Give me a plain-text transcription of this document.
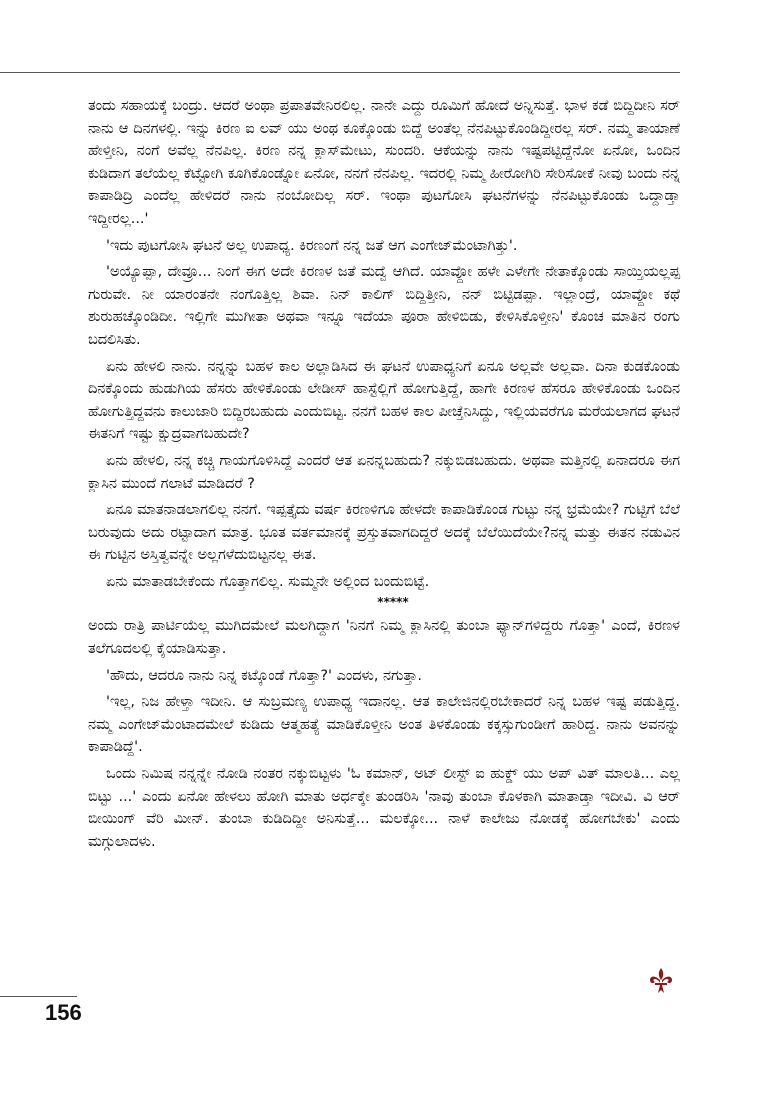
ತಂದು ಸಹಾಯಕ್ಕೆ ಬಂದ್ರು. ಆದರೆ ಅಂಥಾ ಪ್ರಪಾತವೇನಿರಲಿಲ್ಲ. ನಾನೇ ಎದ್ದು ರೂಮಿಗೆ ಹೋದೆ ಅನ್ನಿಸುತ್ತೆ. ಭಾಳ ಕಡೆ ಬಿದ್ದಿದೀನಿ ಸರ್ ನಾನು ಆ ದಿನಗಳಲ್ಲಿ. ಇನ್ನು ಕಿರಣ ಐ ಲವ್ ಯು ಅಂಥ ಕೂಕ್ಕೊಂಡು ಬಿದ್ದೆ ಅಂತೆಲ್ಲ ನೆನಪಿಟ್ಟುಕೊಂಡಿದ್ದೀರಲ್ಲ ಸರ್. ನಮ್ಮ ತಾಯಾಣೆ ಹೇಳ್ತೀನಿ, ನಂಗೆ ಅವೆಲ್ಲ ನೆನಪಿಲ್ಲ. ಕಿರಣ ನನ್ನ ಕ್ಲಾಸ್‌ಮೇಟು, ಸುಂದರಿ. ಆಕೆಯನ್ನು ನಾನು ಇಷ್ಟಪಟ್ಟಿದ್ದೆನೋ ಏನೋ, ಒಂದಿನ ಕುಡಿದಾಗ ತಲೆಯೆಲ್ಲ ಕೆಟ್ಟೋಗಿ ಕೂಗಿಕೊಂಡ್ನೋ ಏನೋ, ನನಗೆ ನೆನಪಿಲ್ಲ. ಇದರಲ್ಲಿ ನಿಮ್ಮ ಹೀರೋಗಿರಿ ಸೇರಿಸೋಕೆ ನೀವು ಬಂದು ನನ್ನ ಕಾಪಾಡಿದ್ರಿ ಎಂದೆಲ್ಲ ಹೇಳಿದರೆ ನಾನು ನಂಬೋದಿಲ್ಲ ಸರ್. ಇಂಥಾ ಪುಟಗೋಸಿ ಘಟನೆಗಳನ್ನು ನೆನಪಿಟ್ಟುಕೊಂಡು ಒದ್ದಾಡ್ತಾ ಇದ್ದೀರಲ್ಲ...'

'ಇದು ಪುಟಗೋಸಿ ಘಟನೆ ಅಲ್ಲ ಉಪಾಧ್ಯ. ಕಿರಣಂಗೆ ನನ್ನ ಜತೆ ಆಗ ಎಂಗೇಜ್‌ಮೆಂಟಾಗಿತ್ತು'.

'ಅಯ್ಯೊಪ್ಪಾ, ದೇವ್ರೂ... ನಿಂಗೆ ಈಗ ಅದೇ ಕಿರಣಳ ಜತೆ ಮದ್ವೆ ಆಗಿದೆ. ಯಾವ್ದೋ ಹಳೇ ಎಳೇಗೇ ನೇತಾಕ್ಕೊಂಡು ಸಾಯ್ತಿಯಲ್ಲಪ್ಪ ಗುರುವೇ. ನೀ ಯಾರಂತನೇ ನಂಗೊತ್ತಿಲ್ಲ ಶಿವಾ. ನಿನ್ ಕಾಲಿಗ್ ಬಿದ್ದಿತ್ತೀನಿ, ನನ್ ಬಿಟ್ಟಿಡಪ್ಪಾ. ಇಲ್ಲಾಂದ್ರೆ, ಯಾವ್ದೋ ಕಥೆ ಶುರುಹಚ್ಕೊಂಡಿದೀ. ಇಲ್ಲಿಗೇ ಮುಗೀತಾ ಅಥವಾ ಇನ್ನೂ ಇದೆಯಾ ಪೂರಾ ಹೇಳಿಬಿಡು, ಕೇಳಿಸಿಕೊಳ್ತೀನಿ' ಕೊಂಚ ಮಾತಿನ ರಂಗು ಬದಲಿಸಿತು.

ಏನು ಹೇಳಲಿ ನಾನು. ನನ್ನನ್ನು ಬಹಳ ಕಾಲ ಅಲ್ಲಾಡಿಸಿದ ಈ ಘಟನೆ ಉಪಾಧ್ಯನಿಗೆ ಏನೂ ಅಲ್ಲವೇ ಅಲ್ಲವಾ. ದಿನಾ ಕುಡಕೊಂಡು ದಿನಕ್ಕೊಂದು ಹುಡುಗಿಯ ಹೆಸರು ಹೇಳಿಕೊಂಡು ಲೇಡೀಸ್ ಹಾಸ್ಟೆಲ್ಲಿಗೆ ಹೋಗುತ್ತಿದ್ದೆ, ಹಾಗೇ ಕಿರಣಳ ಹೆಸರೂ ಹೇಳಿಕೊಂಡು ಒಂದಿನ ಹೋಗುತ್ತಿದ್ದವನು ಕಾಲುಜಾರಿ ಬಿದ್ದಿರಬಹುದು ಎಂದುಬಿಟ್ಟ. ನನಗೆ ಬಹಳ ಕಾಲ ಪೀಚ್ತೆನಿಸಿದ್ದು, ಇಲ್ಲಿಯವರೆಗೂ ಮರೆಯಲಾಗದ ಘಟನೆ ಈತನಿಗೆ ಇಷ್ಟು ಕ್ಷುದ್ರವಾಗಬಹುದೇ?

ಏನು ಹೇಳಲಿ, ನನ್ನ ಕಚ್ಚಿ ಗಾಯಗೊಳಿಸಿದ್ದೆ ಎಂದರೆ ಆತ ಏನನ್ನಬಹುದು? ನಕ್ಕುಬಿಡಬಹುದು. ಅಥವಾ ಮತ್ತಿನಲ್ಲಿ ಏನಾದರೂ ಈಗ ಕ್ಲಾಸಿನ ಮುಂದೆ ಗಲಾಟೆ ಮಾಡಿದರೆ ?

ಏನೂ ಮಾತನಾಡಲಾಗಲಿಲ್ಲ ನನಗೆ. ಇಪ್ಪತ್ತೈದು ವರ್ಷ ಕಿರಣಳಿಗೂ ಹೇಳದೇ ಕಾಪಾಡಿಕೊಂಡ ಗುಟ್ಟು ನನ್ನ ಭ್ರಮೆಯೇ? ಗುಟ್ಟಿಗೆ ಬೆಲೆ ಬರುವುದು ಅದು ರಟ್ಟಾದಾಗ ಮಾತ್ರ. ಭೂತ ವರ್ತಮಾನಕ್ಕೆ ಪ್ರಸ್ತುತವಾಗದಿದ್ದರೆ ಅದಕ್ಕೆ ಬೆಲೆಯಿದೆಯೇ?ನನ್ನ ಮತ್ತು ಈತನ ನಡುವಿನ ಈ ಗುಟ್ಟಿನ ಅಸ್ತಿತ್ವವನ್ನೇ ಅಲ್ಲಗಳೆದುಬಿಟ್ಟನಲ್ಲ ಈತ.

ಏನು ಮಾತಾಡಬೇಕೆಂದು ಗೊತ್ತಾಗಲಿಲ್ಲ. ಸುಮ್ಮನೇ ಅಲ್ಲಿಂದ ಬಂದುಬಿಟ್ಟೆ.

*****

ಅಂದು ರಾತ್ರಿ ಪಾರ್ಟಿಯೆಲ್ಲ ಮುಗಿದಮೇಲೆ ಮಲಗಿದ್ದಾಗ 'ನಿನಗೆ ನಿಮ್ಮ ಕ್ಲಾಸಿನಲ್ಲಿ ತುಂಬಾ ಫ್ಯಾನ್‌ಗಳಿದ್ದರು ಗೊತ್ತಾ' ಎಂದೆ, ಕಿರಣಳ ತಲೆಗೂದಲಲ್ಲಿ ಕೈಯಾಡಿಸುತ್ತಾ.

'ಹೌದು, ಆದರೂ ನಾನು ನಿನ್ನ ಕಟ್ಕೊಂಡೆ ಗೊತ್ತಾ?' ಎಂದಳು, ನಗುತ್ತಾ.

'ಇಲ್ಲ, ನಿಜ ಹೇಳ್ತಾ ಇದೀನಿ. ಆ ಸುಬ್ರಮಣ್ಯ ಉಪಾಧ್ಯ ಇದಾನಲ್ಲ. ಆತ ಕಾಲೇಜಿನಲ್ಲಿರಬೇಕಾದರೆ ನಿನ್ನ ಬಹಳ ಇಷ್ಟ ಪಡುತ್ತಿದ್ದ. ನಮ್ಮ ಎಂಗೇಜ್‌ಮೆಂಟಾದಮೇಲೆ ಕುಡಿದು ಆತ್ಮಹತ್ಯೆ ಮಾಡಿಕೊಳ್ತೀನಿ ಅಂತ ತಿಳಕೊಂಡು ಕಕ್ಕಸ್ಸುಗುಂಡೀಗೆ ಹಾರಿದ್ದ. ನಾನು ಅವನನ್ನು ಕಾಪಾಡಿದ್ದೆ'.

ಒಂದು ನಿಮಿಷ ನನ್ನನ್ನೇ ನೋಡಿ ನಂತರ ನಕ್ಕುಬಿಟ್ಟಳು 'ಓ ಕಮಾನ್, ಅಟ್ ಲೀಸ್ಟ್ ಐ ಹುಕ್ಡ್ ಯು ಅಪ್ ವಿತ್ ಮಾಲತಿ... ಎಲ್ಲ ಬಿಟ್ಟು ...' ಎಂದು ಏನೋ ಹೇಳಲು ಹೋಗಿ ಮಾತು ಅರ್ಧಕ್ಕೇ ತುಂಡರಿಸಿ 'ನಾವು ತುಂಬಾ ಕೊಳಕಾಗಿ ಮಾತಾಡ್ತಾ ಇದೀವಿ. ವಿ ಆರ್ ಬೀಯಿಂಗ್ ವೆರಿ ಮೀನ್. ತುಂಬಾ ಕುಡಿದಿದ್ದೀ ಅನಿಸುತ್ತೆ... ಮಲಕ್ಕೋ... ನಾಳೆ ಕಾಲೇಜು ನೋಡಕ್ಕೆ ಹೋಗಬೇಕು' ಎಂದು ಮಗ್ಗುಲಾದಳು.

156
